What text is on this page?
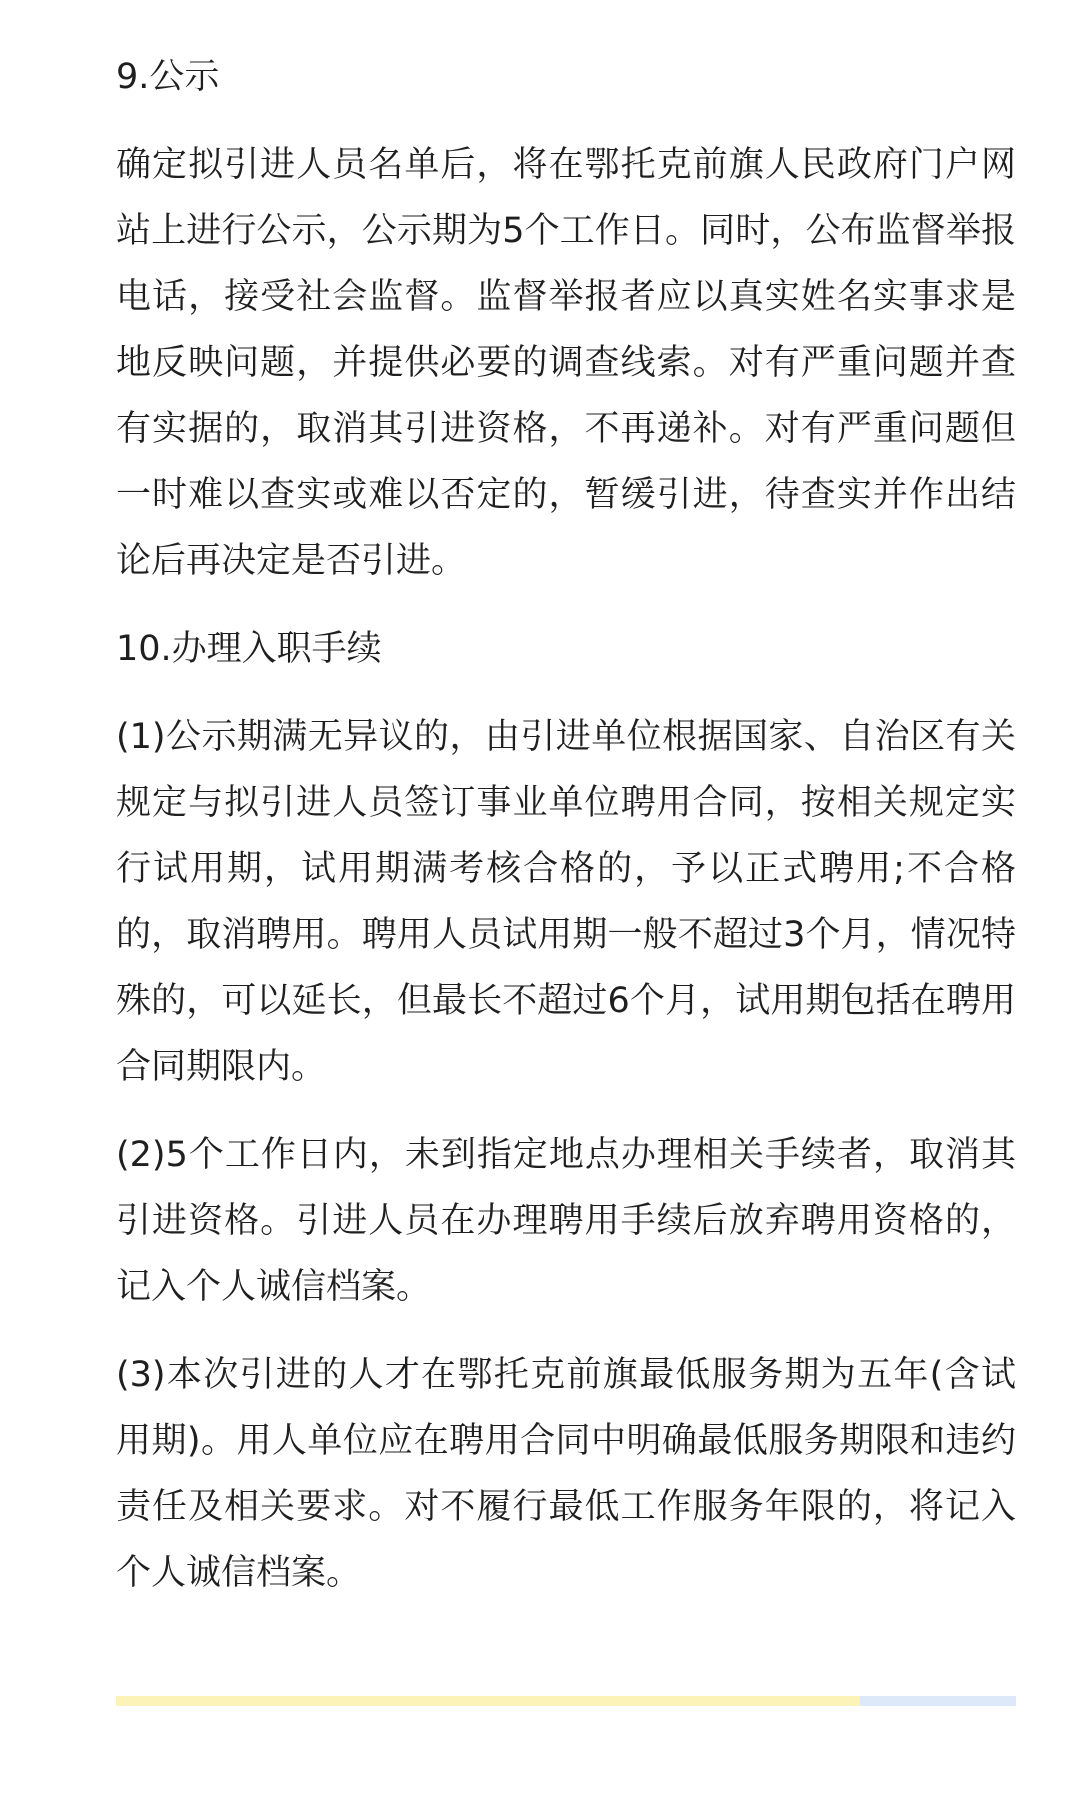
9.公示

确定拟引进人员名单后，将在鄂托克前旗人民政府门户网站上进行公示，公示期为5个工作日。同时，公布监督举报电话，接受社会监督。监督举报者应以真实姓名实事求是地反映问题，并提供必要的调查线索。对有严重问题并查有实据的，取消其引进资格，不再递补。对有严重问题但一时难以查实或难以否定的，暂缓引进，待查实并作出结论后再决定是否引进。

10.办理入职手续

(1)公示期满无异议的，由引进单位根据国家、自治区有关规定与拟引进人员签订事业单位聘用合同，按相关规定实行试用期，试用期满考核合格的，予以正式聘用;不合格的，取消聘用。聘用人员试用期一般不超过3个月，情况特殊的，可以延长，但最长不超过6个月，试用期包括在聘用合同期限内。

(2)5个工作日内，未到指定地点办理相关手续者，取消其引进资格。引进人员在办理聘用手续后放弃聘用资格的，记入个人诚信档案。

(3)本次引进的人才在鄂托克前旗最低服务期为五年(含试用期)。用人单位应在聘用合同中明确最低服务期限和违约责任及相关要求。对不履行最低工作服务年限的，将记入个人诚信档案。
